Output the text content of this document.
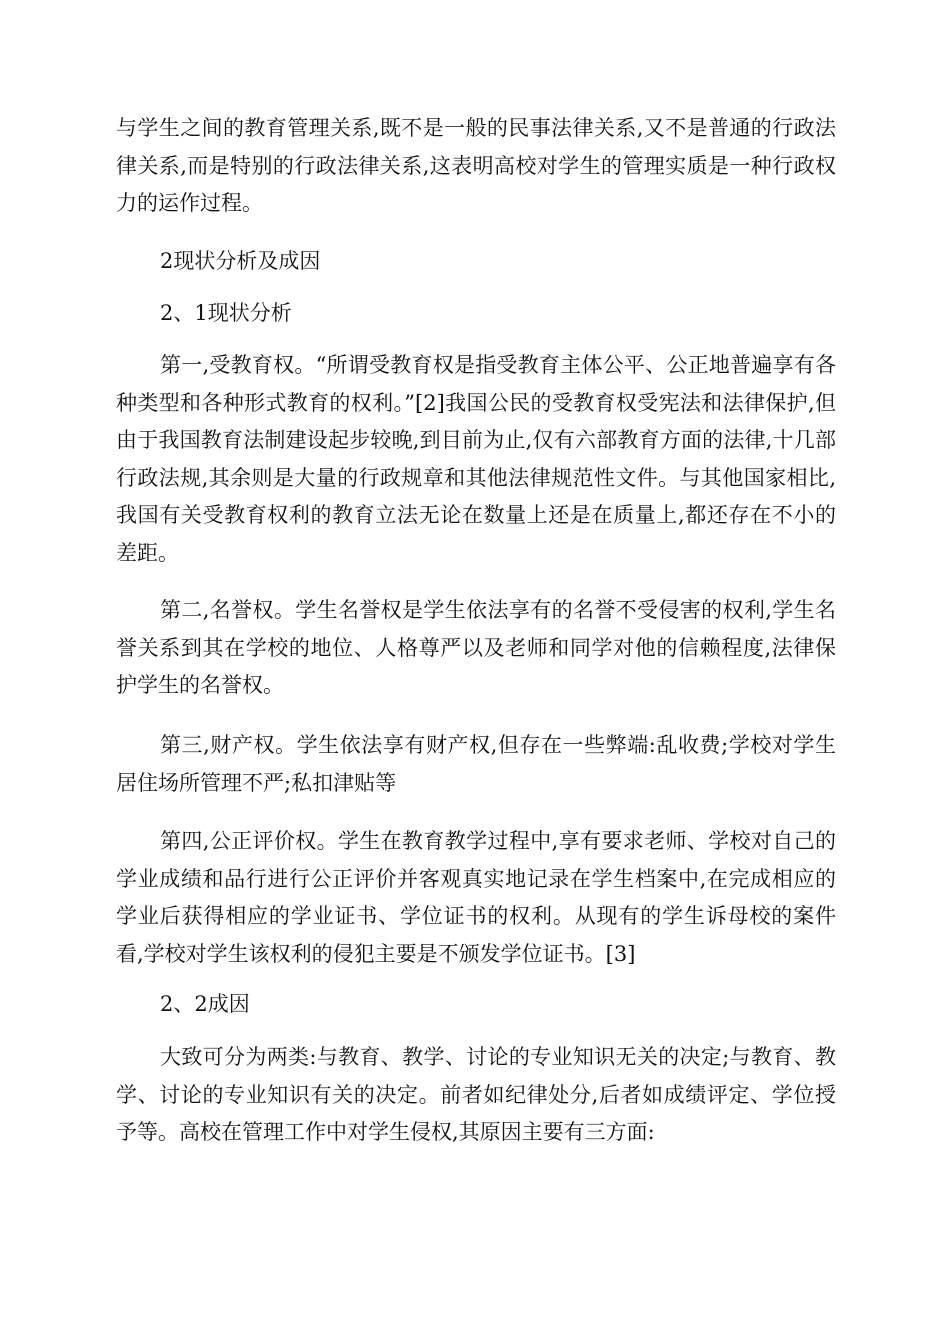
与学生之间的教育管理关系,既不是一般的民事法律关系,又不是普通的行政法律关系,而是特别的行政法律关系,这表明高校对学生的管理实质是一种行政权力的运作过程。

2现状分析及成因

2、1现状分析

第一,受教育权。“所谓受教育权是指受教育主体公平、公正地普遍享有各种类型和各种形式教育的权利。”[2]我国公民的受教育权受宪法和法律保护,但由于我国教育法制建设起步较晚,到目前为止,仅有六部教育方面的法律,十几部行政法规,其余则是大量的行政规章和其他法律规范性文件。与其他国家相比,我国有关受教育权利的教育立法无论在数量上还是在质量上,都还存在不小的差距。

第二,名誉权。学生名誉权是学生依法享有的名誉不受侵害的权利,学生名誉关系到其在学校的地位、人格尊严以及老师和同学对他的信赖程度,法律保护学生的名誉权。

第三,财产权。学生依法享有财产权,但存在一些弊端:乱收费;学校对学生居住场所管理不严;私扣津贴等

第四,公正评价权。学生在教育教学过程中,享有要求老师、学校对自己的学业成绩和品行进行公正评价并客观真实地记录在学生档案中,在完成相应的学业后获得相应的学业证书、学位证书的权利。从现有的学生诉母校的案件看,学校对学生该权利的侵犯主要是不颁发学位证书。[3]

2、2成因

大致可分为两类:与教育、教学、讨论的专业知识无关的决定;与教育、教学、讨论的专业知识有关的决定。前者如纪律处分,后者如成绩评定、学位授予等。高校在管理工作中对学生侵权,其原因主要有三方面:
